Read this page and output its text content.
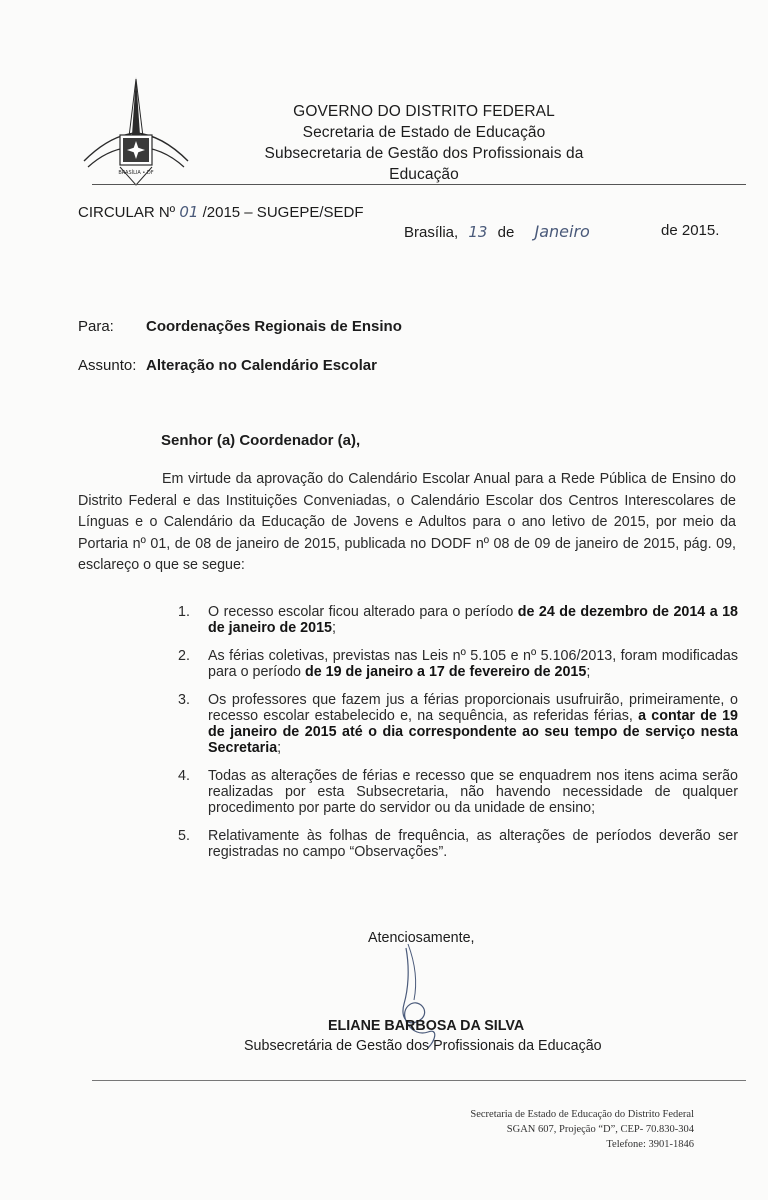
BRASÍLIA • DF
GOVERNO DO DISTRITO FEDERAL
Secretaria de Estado de Educação
Subsecretaria de Gestão dos Profissionais da Educação
CIRCULAR Nº 01 /2015 – SUGEPE/SEDF
Brasília, 13 de Janeiro	de 2015.
Para: Coordenações Regionais de Ensino
Assunto: Alteração no Calendário Escolar
Senhor (a) Coordenador (a),
Em virtude da aprovação do Calendário Escolar Anual para a Rede Pública de Ensino do Distrito Federal e das Instituições Conveniadas, o Calendário Escolar dos Centros Interescolares de Línguas e o Calendário da Educação de Jovens e Adultos para o ano letivo de 2015, por meio da Portaria nº 01, de 08 de janeiro de 2015, publicada no DODF nº 08 de 09 de janeiro de 2015, pág. 09, esclareço o que se segue:
1. O recesso escolar ficou alterado para o período de 24 de dezembro de 2014 a 18 de janeiro de 2015;
2. As férias coletivas, previstas nas Leis nº 5.105 e nº 5.106/2013, foram modificadas para o período de 19 de janeiro a 17 de fevereiro de 2015;
3. Os professores que fazem jus a férias proporcionais usufruirão, primeiramente, o recesso escolar estabelecido e, na sequência, as referidas férias, a contar de 19 de janeiro de 2015 até o dia correspondente ao seu tempo de serviço nesta Secretaria;
4. Todas as alterações de férias e recesso que se enquadrem nos itens acima serão realizadas por esta Subsecretaria, não havendo necessidade de qualquer procedimento por parte do servidor ou da unidade de ensino;
5. Relativamente às folhas de frequência, as alterações de períodos deverão ser registradas no campo “Observações”.
Atenciosamente,
ELIANE BARBOSA DA SILVA
Subsecretária de Gestão dos Profissionais da Educação
Secretaria de Estado de Educação do Distrito Federal
SGAN 607, Projeção “D”, CEP- 70.830-304
Telefone: 3901-1846
